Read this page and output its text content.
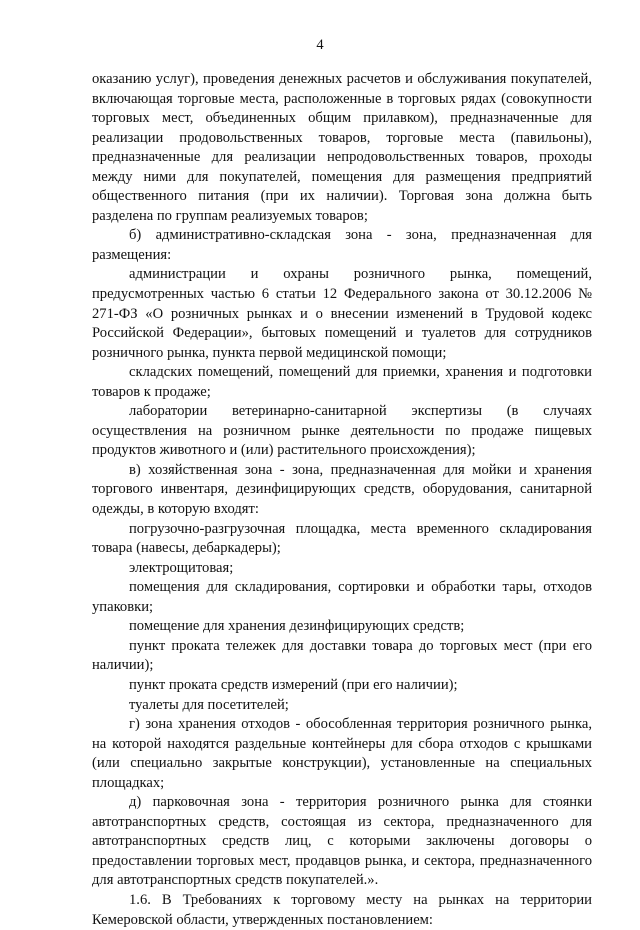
4

оказанию услуг), проведения денежных расчетов и обслуживания покупателей, включающая торговые места, расположенные в торговых рядах (совокупности торговых мест, объединенных общим прилавком), предназначенные для реализации продовольственных товаров, торговые места (павильоны), предназначенные для реализации непродовольственных товаров, проходы между ними для покупателей, помещения для размещения предприятий общественного питания (при их наличии). Торговая зона должна быть разделена по группам реализуемых товаров;

б) административно-складская зона - зона, предназначенная для размещения:

администрации и охраны розничного рынка, помещений, предусмотренных частью 6 статьи 12 Федерального закона от 30.12.2006 № 271-ФЗ «О розничных рынках и о внесении изменений в Трудовой кодекс Российской Федерации», бытовых помещений и туалетов для сотрудников розничного рынка, пункта первой медицинской помощи;

складских помещений, помещений для приемки, хранения и подготовки товаров к продаже;

лаборатории ветеринарно-санитарной экспертизы (в случаях осуществления на розничном рынке деятельности по продаже пищевых продуктов животного и (или) растительного происхождения);

в) хозяйственная зона - зона, предназначенная для мойки и хранения торгового инвентаря, дезинфицирующих средств, оборудования, санитарной одежды, в которую входят:

погрузочно-разгрузочная площадка, места временного складирования товара (навесы, дебаркадеры);

электрощитовая;

помещения для складирования, сортировки и обработки тары, отходов упаковки;

помещение для хранения дезинфицирующих средств;

пункт проката тележек для доставки товара до торговых мест (при его наличии);

пункт проката средств измерений (при его наличии);

туалеты для посетителей;

г) зона хранения отходов - обособленная территория розничного рынка, на которой находятся раздельные контейнеры для сбора отходов с крышками (или специально закрытые конструкции), установленные на специальных площадках;

д) парковочная зона - территория розничного рынка для стоянки автотранспортных средств, состоящая из сектора, предназначенного для автотранспортных средств лиц, с которыми заключены договоры о предоставлении торговых мест, продавцов рынка, и сектора, предназначенного для автотранспортных средств покупателей.».

1.6. В Требованиях к торговому месту на рынках на территории Кемеровской области, утвержденных постановлением:
